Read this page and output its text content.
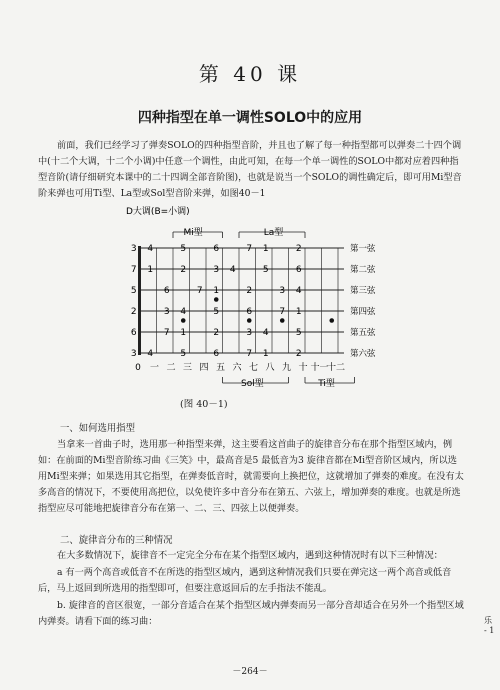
第 40 课
四种指型在单一调性SOLO中的应用
前面，我们已经学习了弹奏SOLO的四种指型音阶，并且也了解了每一种指型都可以弹奏二十四个调中(十二个大调，十二个小调)中任意一个调性，由此可知，在每一个单一调性的SOLO中都对应着四种指型音阶(请仔细研究本课中的二十四调全部音阶图)，也就是说当一个SOLO的调性确定后，即可用Mi型音阶来弹也可用Ti型、La型或Sol型音阶来弹，如图40－1
D大调(B=小调)
Mi型	La型
第一弦
第二弦
第三弦
第四弦
第五弦
第六弦
3 4	5	6	7 1	2
7 1	2	3 4	5	6
5	6	7 1	2	3 4
2	3 4	5	6	7 1
6	7 1	2	3 4	5
3 4	5	6	7 1	2
0 一 二 三 四 五 六 七 八 九 十 十一
十二
Sol型	Ti型
(图 40－1)
一、如何选用指型
当拿来一首曲子时，选用那一种指型来弹，这主要看这首曲子的旋律音分布在那个指型区域内，例如：在前面的Mi型音阶练习曲《三笑》中，最高音是5 最低音为3 旋律音都在Mi型音阶区域内，所以选用Mi型来弹；如果选用其它指型，在弹奏低音时，就需要向上换把位，这就增加了弹奏的难度。在没有太多高音的情况下，不要使用高把位，以免使许多中音分布在第五、六弦上，增加弹奏的难度。也就是所选指型应尽可能地把旋律音分布在第一、二、三、四弦上以便弹奏。
二、旋律音分布的三种情况
在大多数情况下，旋律音不一定完全分布在某个指型区域内，遇到这种情况时有以下三种情况：
a 有一两个高音或低音不在所选的指型区域内，遇到这种情况我们只要在弹完这一两个高音或低音后，马上返回到所选用的指型即可，但要注意返回后的左手指法不能乱。
b. 旋律音的音区很宽，一部分音适合在某个指型区域内弹奏而另一部分音却适合在另外一个指型区域内弹奏。请看下面的练习曲：
－264－
乐
- 1
